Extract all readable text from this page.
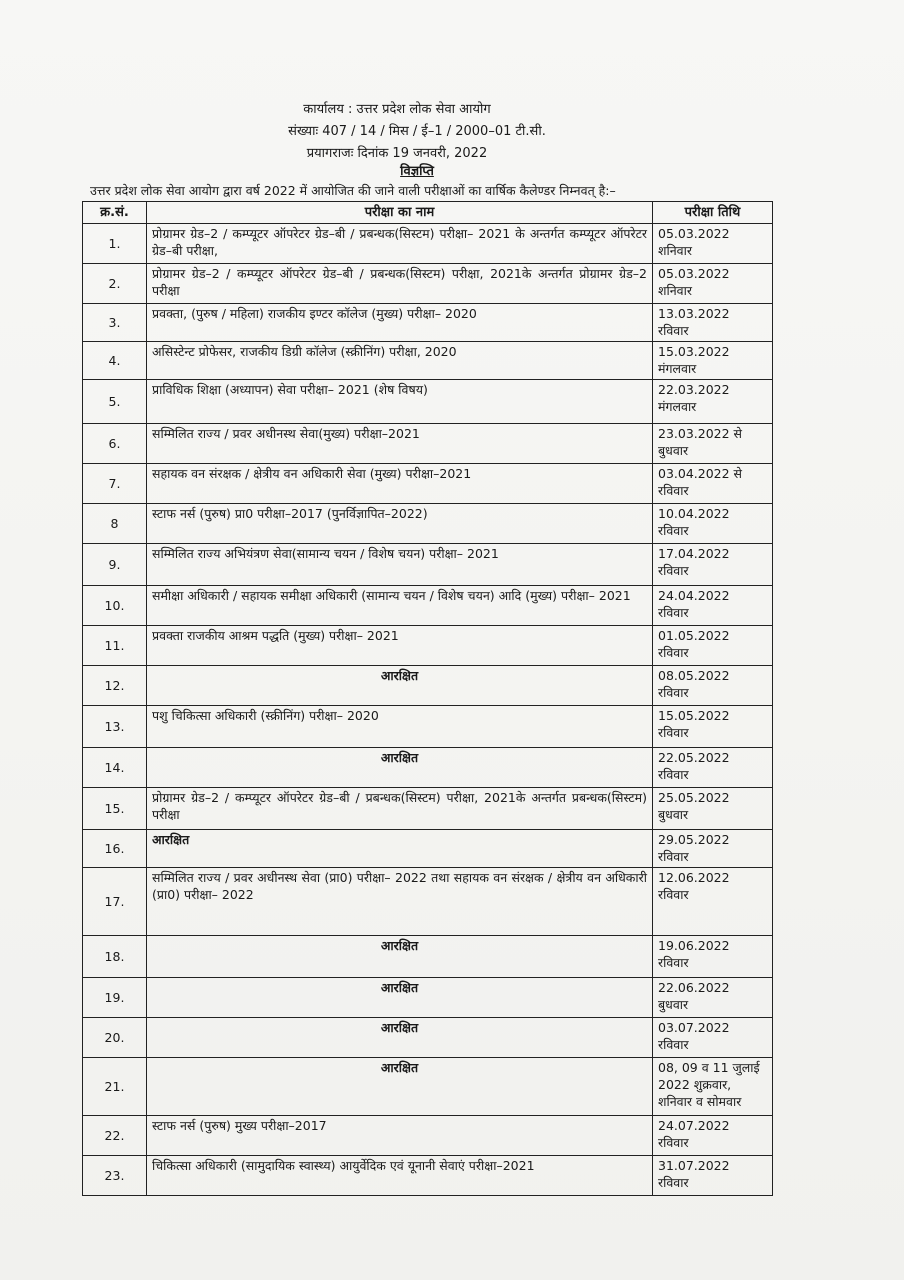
कार्यालय : उत्तर प्रदेश लोक सेवा आयोग
संख्याः 407 / 14 / मिस / ई–1 / 2000–01 टी.सी.
प्रयागराजः दिनांक 19 जनवरी, 2022
विज्ञप्ति
उत्तर प्रदेश लोक सेवा आयोग द्वारा वर्ष 2022 में आयोजित की जाने वाली परीक्षाओं का वार्षिक कैलेण्डर निम्नवत् है:–
क्र.सं.	परीक्षा का नाम	परीक्षा तिथि
1.	प्रोग्रामर ग्रेड–2 / कम्प्यूटर ऑपरेटर ग्रेड–बी / प्रबन्धक(सिस्टम) परीक्षा– 2021 के अन्तर्गत कम्प्यूटर ऑपरेटर ग्रेड–बी परीक्षा,	05.03.2022
शनिवार

2.	प्रोग्रामर ग्रेड–2 / कम्प्यूटर ऑपरेटर ग्रेड–बी / प्रबन्धक(सिस्टम) परीक्षा, 2021के अन्तर्गत प्रोग्रामर ग्रेड–2 परीक्षा	05.03.2022
शनिवार

3.	प्रवक्ता, (पुरुष / महिला) राजकीय इण्टर कॉलेज (मुख्य) परीक्षा– 2020	13.03.2022
रविवार

4.	असिस्टेन्ट प्रोफेसर, राजकीय डिग्री कॉलेज (स्क्रीनिंग) परीक्षा, 2020	15.03.2022
मंगलवार

5.	प्राविधिक शिक्षा (अध्यापन) सेवा परीक्षा– 2021 (शेष विषय)	22.03.2022
मंगलवार

6.	सम्मिलित राज्य / प्रवर अधीनस्थ सेवा(मुख्य) परीक्षा–2021	23.03.2022 से
बुधवार

7.	सहायक वन संरक्षक / क्षेत्रीय वन अधिकारी सेवा (मुख्य) परीक्षा–2021	03.04.2022 से
रविवार

8	स्टाफ नर्स (पुरुष) प्रा0 परीक्षा–2017 (पुनर्विज्ञापित–2022)	10.04.2022
रविवार

9.	सम्मिलित राज्य अभियंत्रण सेवा(सामान्य चयन / विशेष चयन) परीक्षा– 2021	17.04.2022
रविवार

10.	समीक्षा अधिकारी / सहायक समीक्षा अधिकारी (सामान्य चयन / विशेष चयन) आदि (मुख्य) परीक्षा– 2021	24.04.2022
रविवार

11.	प्रवक्ता राजकीय आश्रम पद्धति (मुख्य) परीक्षा– 2021	01.05.2022
रविवार

12.	आरक्षित	08.05.2022
रविवार

13.	पशु चिकित्सा अधिकारी (स्क्रीनिंग) परीक्षा– 2020	15.05.2022
रविवार

14.	आरक्षित	22.05.2022
रविवार

15.	प्रोग्रामर ग्रेड–2 / कम्प्यूटर ऑपरेटर ग्रेड–बी / प्रबन्धक(सिस्टम) परीक्षा, 2021के अन्तर्गत प्रबन्धक(सिस्टम) परीक्षा	25.05.2022
बुधवार

16.	आरक्षित	29.05.2022
रविवार

17.	सम्मिलित राज्य / प्रवर अधीनस्थ सेवा (प्रा0) परीक्षा– 2022 तथा सहायक वन संरक्षक / क्षेत्रीय वन अधिकारी (प्रा0) परीक्षा– 2022	12.06.2022
रविवार

18.	आरक्षित	19.06.2022
रविवार

19.	आरक्षित	22.06.2022
बुधवार

20.	आरक्षित	03.07.2022
रविवार

21.	आरक्षित	08, 09 व 11 जुलाई 2022 शुक्रवार, शनिवार व सोमवार

22.	स्टाफ नर्स (पुरुष) मुख्य परीक्षा–2017	24.07.2022
रविवार

23.	चिकित्सा अधिकारी (सामुदायिक स्वास्थ्य) आयुर्वेदिक एवं यूनानी सेवाएं परीक्षा–2021	31.07.2022
रविवार
